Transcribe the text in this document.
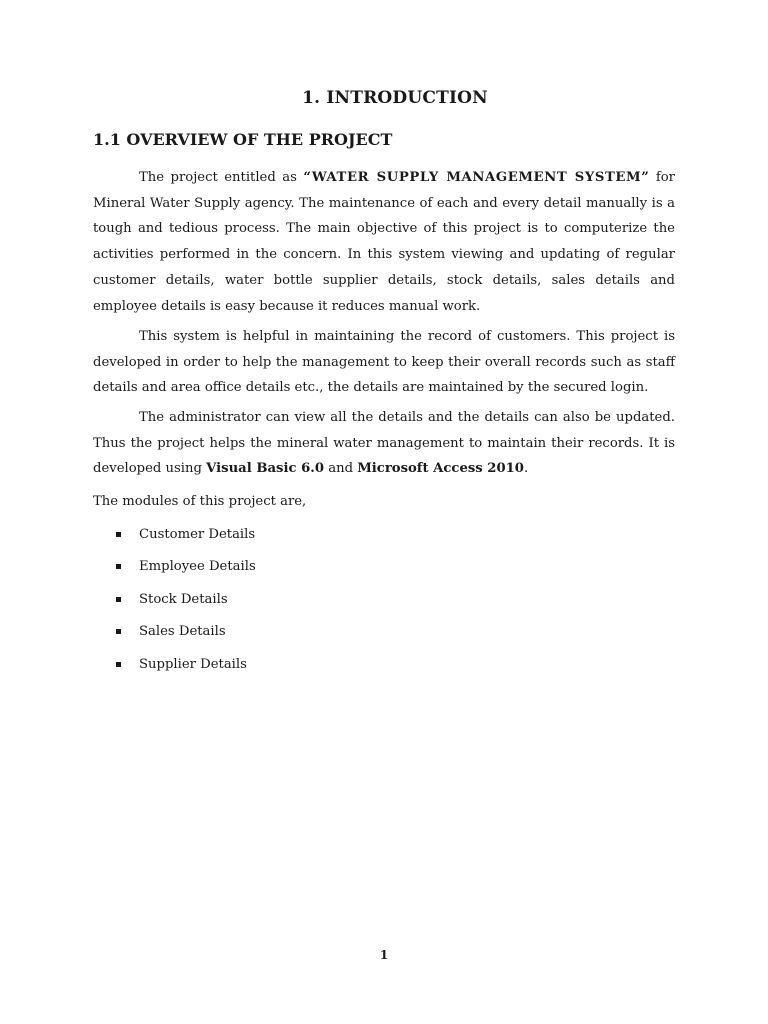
1. INTRODUCTION
1.1 OVERVIEW OF THE PROJECT

The project entitled as “WATER SUPPLY MANAGEMENT SYSTEM” for Mineral Water Supply agency. The maintenance of each and every detail manually is a tough and tedious process. The main objective of this project is to computerize the activities performed in the concern. In this system viewing and updating of regular customer details, water bottle supplier details, stock details, sales details and employee details is easy because it reduces manual work.

This system is helpful in maintaining the record of customers. This project is developed in order to help the management to keep their overall records such as staff details and area office details etc., the details are maintained by the secured login.

The administrator can view all the details and the details can also be updated. Thus the project helps the mineral water management to maintain their records. It is developed using Visual Basic 6.0 and Microsoft Access 2010.

The modules of this project are,
Customer Details
Employee Details
Stock Details
Sales Details
Supplier Details
1
